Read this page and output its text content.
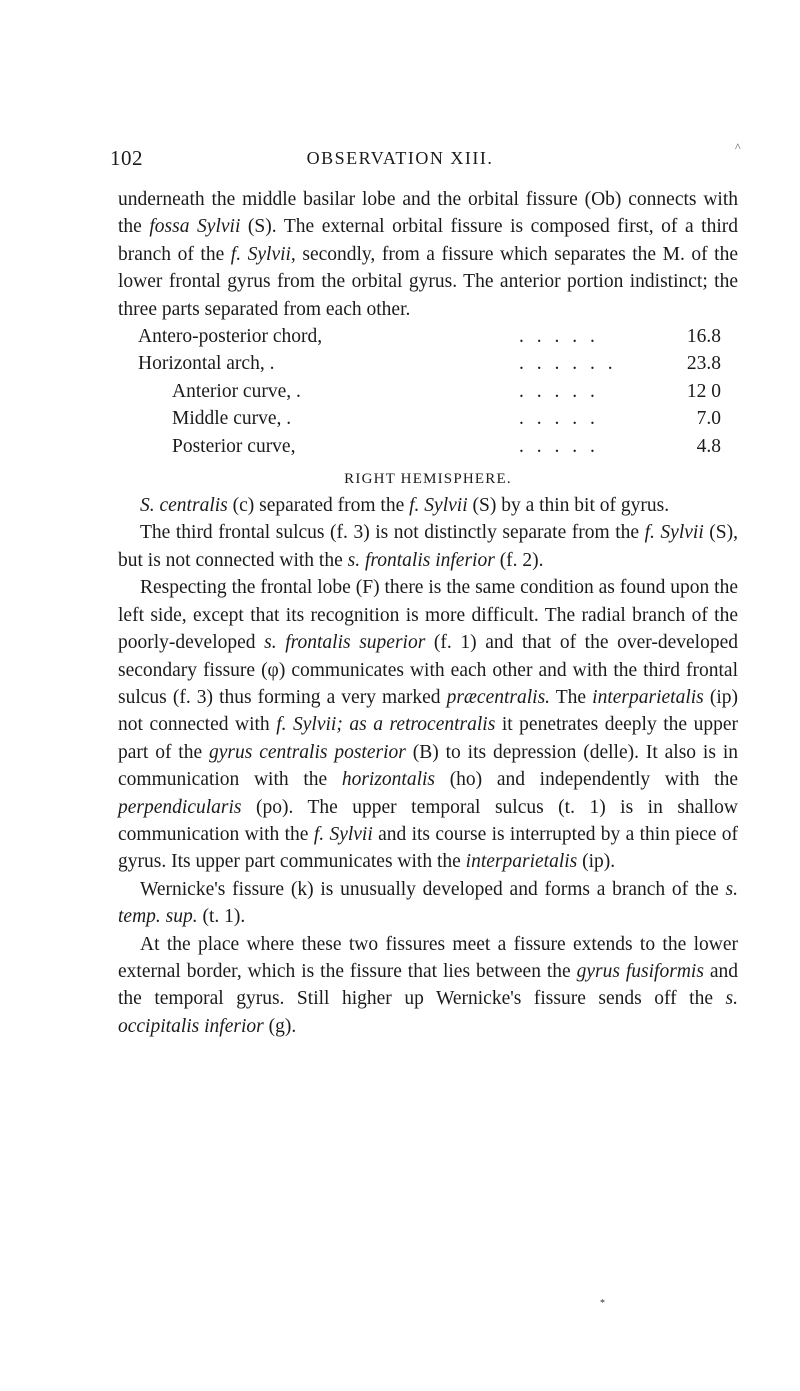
102	OBSERVATION XIII.
^

underneath the middle basilar lobe and the orbital fissure (Ob) connects with the fossa Sylvii (S). The external orbital fissure is composed first, of a third branch of the f. Sylvii, secondly, from a fissure which separates the M. of the lower frontal gyrus from the orbital gyrus. The anterior portion indistinct; the three parts separated from each other.

Antero-posterior chord,	. . . . .	16.8
Horizontal arch, .	. . . . . .	23.8
Anterior curve, .	. . . . .	12 0
Middle curve, .	. . . . .	7.0
Posterior curve,	. . . . .	4.8
RIGHT HEMISPHERE.

S. centralis (c) separated from the f. Sylvii (S) by a thin bit of gyrus.

The third frontal sulcus (f. 3) is not distinctly separate from the f. Sylvii (S), but is not connected with the s. frontalis inferior (f. 2).

Respecting the frontal lobe (F) there is the same condition as found upon the left side, except that its recognition is more difficult. The radial branch of the poorly-developed s. frontalis superior (f. 1) and that of the over-developed secondary fissure (φ) communicates with each other and with the third frontal sulcus (f. 3) thus forming a very marked præcentralis. The interparietalis (ip) not connected with f. Sylvii; as a retrocentralis it penetrates deeply the upper part of the gyrus centralis posterior (B) to its depression (delle). It also is in communication with the horizontalis (ho) and independently with the perpendicularis (po). The upper temporal sulcus (t. 1) is in shallow communication with the f. Sylvii and its course is interrupted by a thin piece of gyrus. Its upper part communicates with the interparietalis (ip).

Wernicke's fissure (k) is unusually developed and forms a branch of the s. temp. sup. (t. 1).

At the place where these two fissures meet a fissure extends to the lower external border, which is the fissure that lies between the gyrus fusiformis and the temporal gyrus. Still higher up Wernicke's fissure sends off the s. occipitalis inferior (g).

*
